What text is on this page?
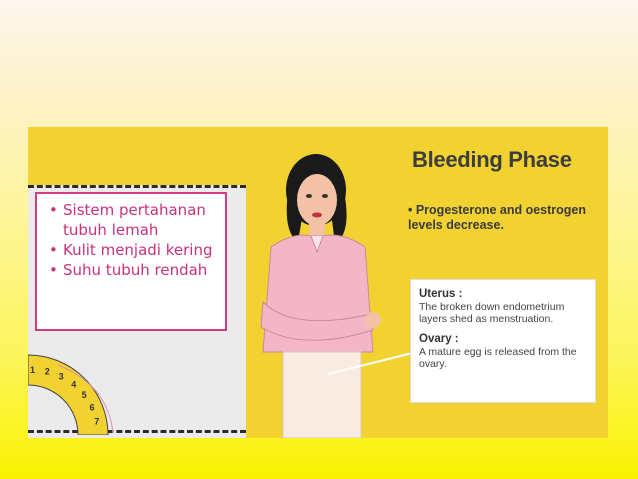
1 2 3
4
5
6
7
Bleeding Phase
• Progesterone and oestrogen levels decrease.
Uterus :
The broken down endometrium layers shed as menstruation.
Ovary :
A mature egg is released from the ovary.
• Sistem pertahanan tubuh lemah
• Kulit menjadi kering
• Suhu tubuh rendah
